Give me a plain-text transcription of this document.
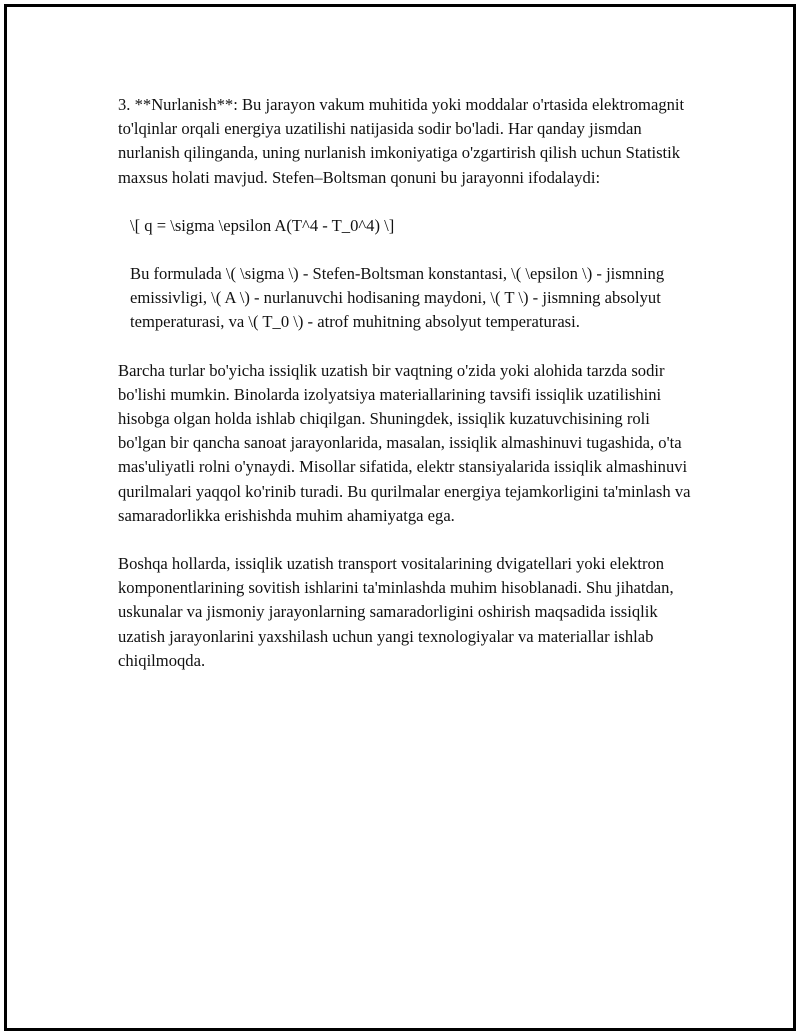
3. **Nurlanish**: Bu jarayon vakum muhitida yoki moddalar o'rtasida elektromagnit to'lqinlar orqali energiya uzatilishi natijasida sodir bo'ladi. Har qanday jismdan nurlanish qilinganda, uning nurlanish imkoniyatiga o'zgartirish qilish uchun Statistik maxsus holati mavjud. Stefen–Boltsman qonuni bu jarayonni ifodalaydi:

\[ q = \sigma \epsilon A(T^4 - T_0^4) \]

Bu formulada \( \sigma \) - Stefen-Boltsman konstantasi, \( \epsilon \) - jismning emissivligi, \( A \) - nurlanuvchi hodisaning maydoni, \( T \) - jismning absolyut temperaturasi, va \( T_0 \) - atrof muhitning absolyut temperaturasi.

Barcha turlar bo'yicha issiqlik uzatish bir vaqtning o'zida yoki alohida tarzda sodir bo'lishi mumkin. Binolarda izolyatsiya materiallarining tavsifi issiqlik uzatilishini hisobga olgan holda ishlab chiqilgan. Shuningdek, issiqlik kuzatuvchisining roli bo'lgan bir qancha sanoat jarayonlarida, masalan, issiqlik almashinuvi tugashida, o'ta mas'uliyatli rolni o'ynaydi. Misollar sifatida, elektr stansiyalarida issiqlik almashinuvi qurilmalari yaqqol ko'rinib turadi. Bu qurilmalar energiya tejamkorligini ta'minlash va samaradorlikka erishishda muhim ahamiyatga ega.

Boshqa hollarda, issiqlik uzatish transport vositalarining dvigatellari yoki elektron komponentlarining sovitish ishlarini ta'minlashda muhim hisoblanadi. Shu jihatdan, uskunalar va jismoniy jarayonlarning samaradorligini oshirish maqsadida issiqlik uzatish jarayonlarini yaxshilash uchun yangi texnologiyalar va materiallar ishlab chiqilmoqda.
